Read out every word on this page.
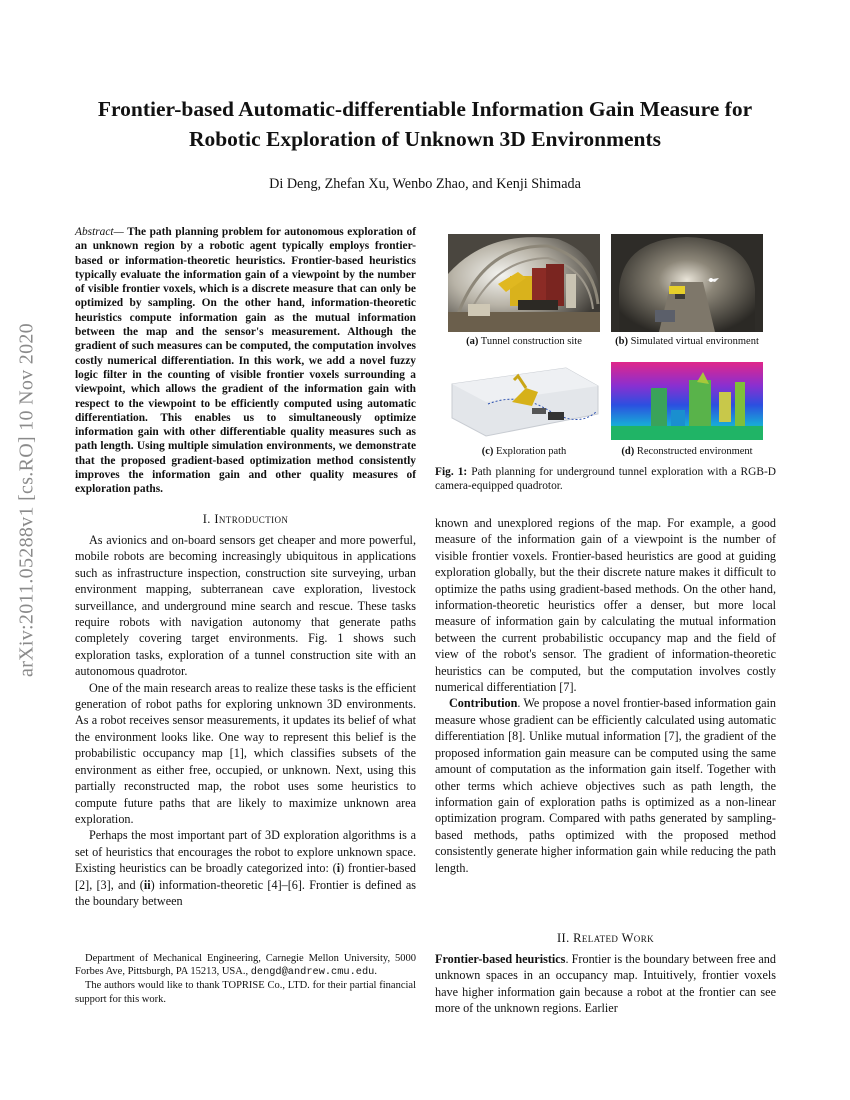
arXiv:2011.05288v1 [cs.RO] 10 Nov 2020
Frontier-based Automatic-differentiable Information Gain Measure for
Robotic Exploration of Unknown 3D Environments
Di Deng, Zhefan Xu, Wenbo Zhao, and Kenji Shimada
Abstract— The path planning problem for autonomous exploration of an unknown region by a robotic agent typically employs frontier-based or information-theoretic heuristics. Frontier-based heuristics typically evaluate the information gain of a viewpoint by the number of visible frontier voxels, which is a discrete measure that can only be optimized by sampling. On the other hand, information-theoretic heuristics compute information gain as the mutual information between the map and the sensor's measurement. Although the gradient of such measures can be computed, the computation involves costly numerical differentiation. In this work, we add a novel fuzzy logic filter in the counting of visible frontier voxels surrounding a viewpoint, which allows the gradient of the information gain with respect to the viewpoint to be efficiently computed using automatic differentiation. This enables us to simultaneously optimize information gain with other differentiable quality measures such as path length. Using multiple simulation environments, we demonstrate that the proposed gradient-based optimization method consistently improves the information gain and other quality measures of exploration paths.
I. Introduction

As avionics and on-board sensors get cheaper and more powerful, mobile robots are becoming increasingly ubiquitous in applications such as infrastructure inspection, construction site surveying, urban environment mapping, subterranean cave exploration, livestock surveillance, and underground mine search and rescue. These tasks require robots with navigation autonomy that generate paths completely covering target environments. Fig. 1 shows such exploration tasks, exploration of a tunnel construction site with an autonomous quadrotor.

One of the main research areas to realize these tasks is the efficient generation of robot paths for exploring unknown 3D environments. As a robot receives sensor measurements, it updates its belief of what the environment looks like. One way to represent this belief is the probabilistic occupancy map [1], which classifies subsets of the environment as either free, occupied, or unknown. Next, using this partially reconstructed map, the robot uses some heuristics to compute future paths that are likely to maximize unknown area exploration.

Perhaps the most important part of 3D exploration algorithms is a set of heuristics that encourages the robot to explore unknown space. Existing heuristics can be broadly categorized into: (i) frontier-based [2], [3], and (ii) information-theoretic [4]–[6]. Frontier is defined as the boundary between

Department of Mechanical Engineering, Carnegie Mellon University, 5000 Forbes Ave, Pittsburgh, PA 15213, USA., dengd@andrew.cmu.edu.

The authors would like to thank TOPRISE Co., LTD. for their partial financial support for this work.

(a) Tunnel construction site	(b) Simulated virtual environment
(c) Exploration path	(d) Reconstructed environment
Fig. 1: Path planning for underground tunnel exploration with a RGB-D camera-equipped quadrotor.

known and unexplored regions of the map. For example, a good measure of the information gain of a viewpoint is the number of visible frontier voxels. Frontier-based heuristics are good at guiding exploration globally, but the their discrete nature makes it difficult to optimize the paths using gradient-based methods. On the other hand, information-theoretic heuristics offer a denser, but more local measure of information gain by calculating the mutual information between the current probabilistic occupancy map and the field of view of the robot's sensor. The gradient of information-theoretic heuristics can be computed, but the computation involves costly numerical differentiation [7].

Contribution. We propose a novel frontier-based information gain measure whose gradient can be efficiently calculated using automatic differentiation [8]. Unlike mutual information [7], the gradient of the proposed information gain measure can be computed using the same amount of computation as the information gain itself. Together with other terms which achieve objectives such as path length, the information gain of exploration paths is optimized as a non-linear optimization program. Compared with paths generated by sampling-based methods, paths optimized with the proposed method consistently generate higher information gain while reducing the path length.

II. Related Work

Frontier-based heuristics. Frontier is the boundary between free and unknown spaces in an occupancy map. Intuitively, frontier voxels have higher information gain because a robot at the frontier can see more of the unknown regions. Earlier
